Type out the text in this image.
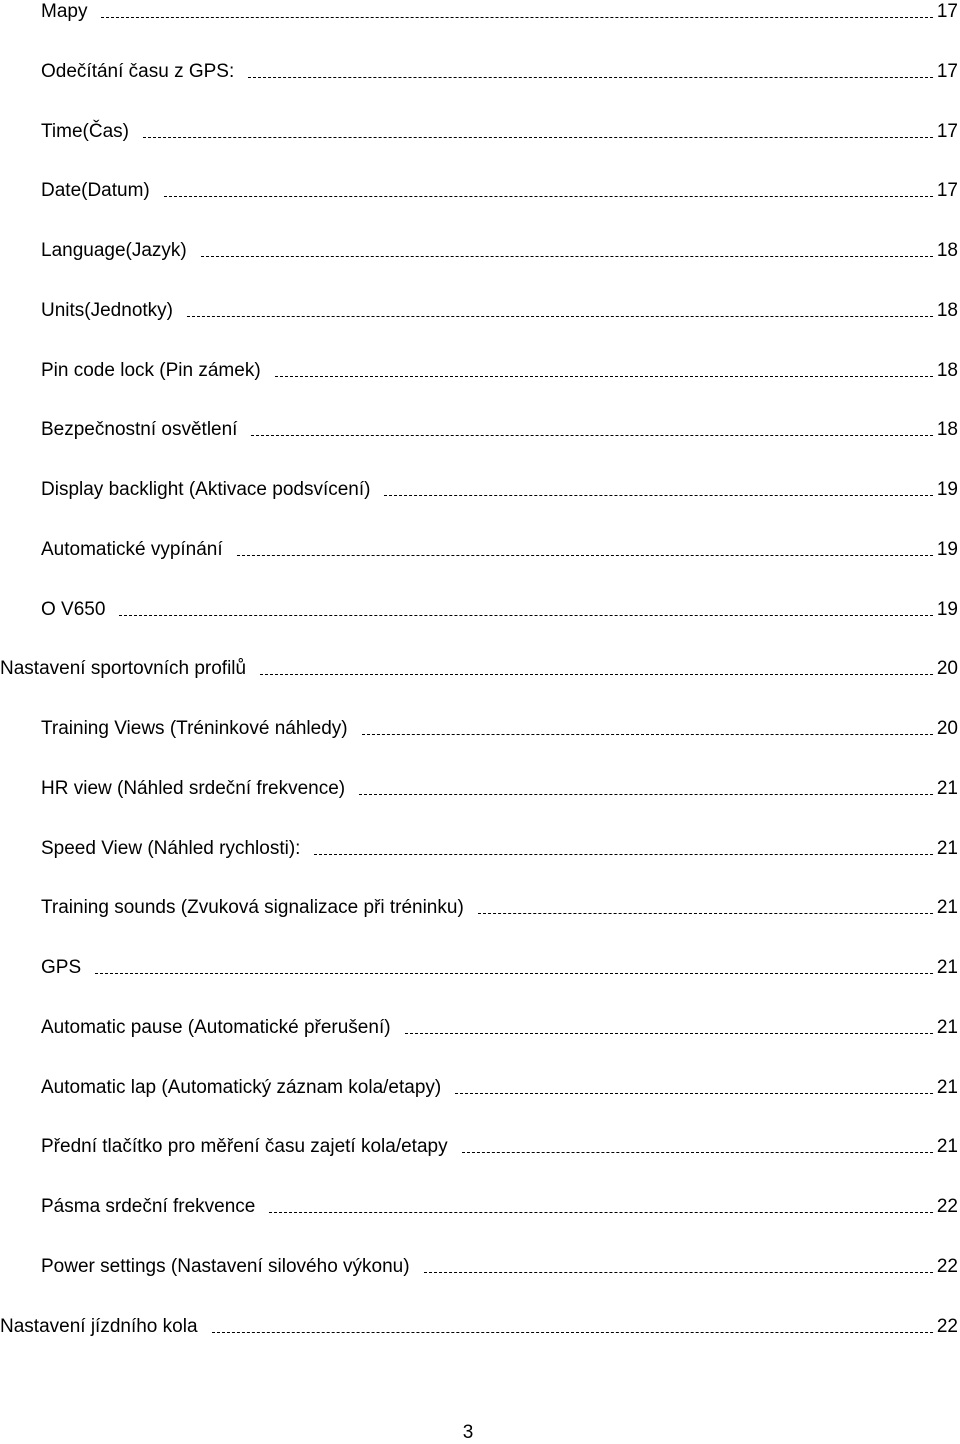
Mapy	17
Odečítání času z GPS:	17
Time(Čas)	17
Date(Datum)	17
Language(Jazyk)	18
Units(Jednotky)	18
Pin code lock (Pin zámek)	18
Bezpečnostní osvětlení	18
Display backlight (Aktivace podsvícení)	19
Automatické vypínání	19
O V650	19
Nastavení sportovních profilů	20
Training Views (Tréninkové náhledy)	20
HR view (Náhled srdeční frekvence)	21
Speed View (Náhled rychlosti):	21
Training sounds (Zvuková signalizace při tréninku)	21
GPS	21
Automatic pause (Automatické přerušení)	21
Automatic lap (Automatický záznam kola/etapy)	21
Přední tlačítko pro měření času zajetí kola/etapy	21
Pásma srdeční frekvence	22
Power settings (Nastavení silového výkonu)	22
Nastavení jízdního kola	22
3
